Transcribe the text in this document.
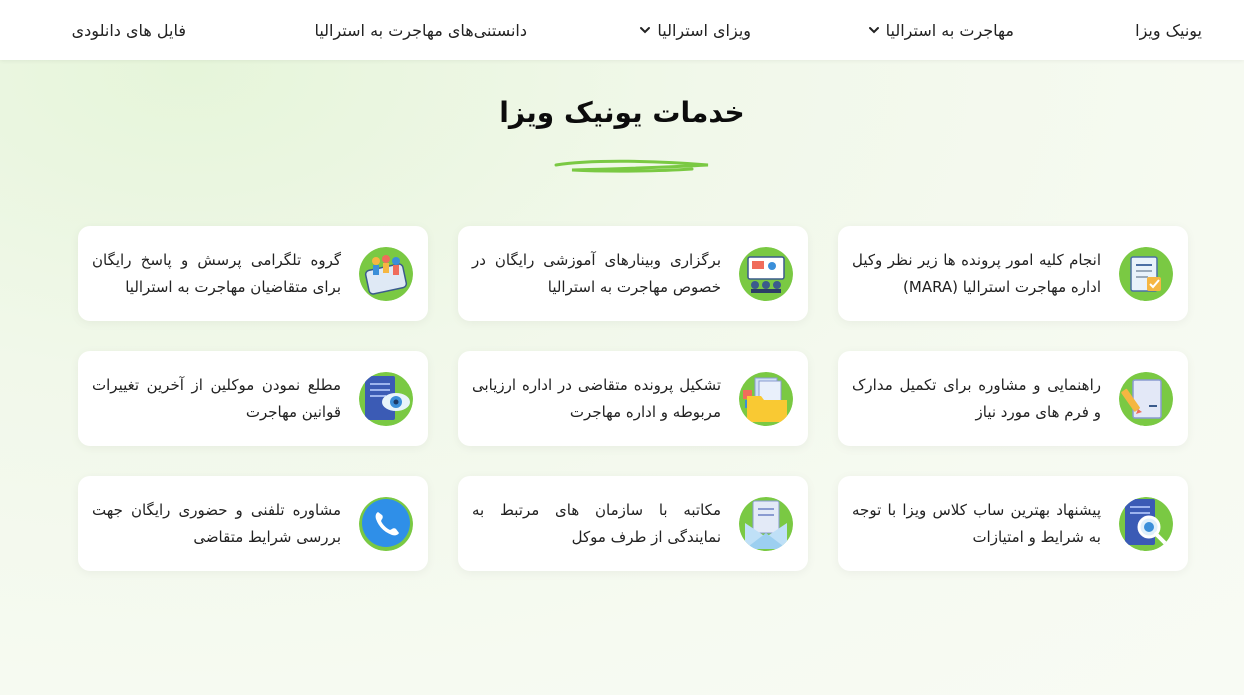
یونیک ویزا
مهاجرت به استرالیا
ویزای استرالیا
دانستنی‌های مهاجرت به استرالیا
فایل های دانلودی
خدمات یونیک ویزا
انجام کلیه امور پرونده ها زیر نظر وکیل اداره مهاجرت استرالیا (MARA)
برگزاری وبینارهای آموزشی رایگان در خصوص مهاجرت به استرالیا
گروه تلگرامی پرسش و پاسخ رایگان برای متقاضیان مهاجرت به استرالیا
راهنمایی و مشاوره برای تکمیل مدارک و فرم های مورد نیاز
تشکیل پرونده متقاضی در اداره ارزیابی مربوطه و اداره مهاجرت
مطلع نمودن موکلین از آخرین تغییرات قوانین مهاجرت
پیشنهاد بهترین ساب کلاس ویزا با توجه به شرایط و امتیازات
مکاتبه با سازمان های مرتبط به نمایندگی از طرف موکل
مشاوره تلفنی و حضوری رایگان جهت بررسی شرایط متقاضی
